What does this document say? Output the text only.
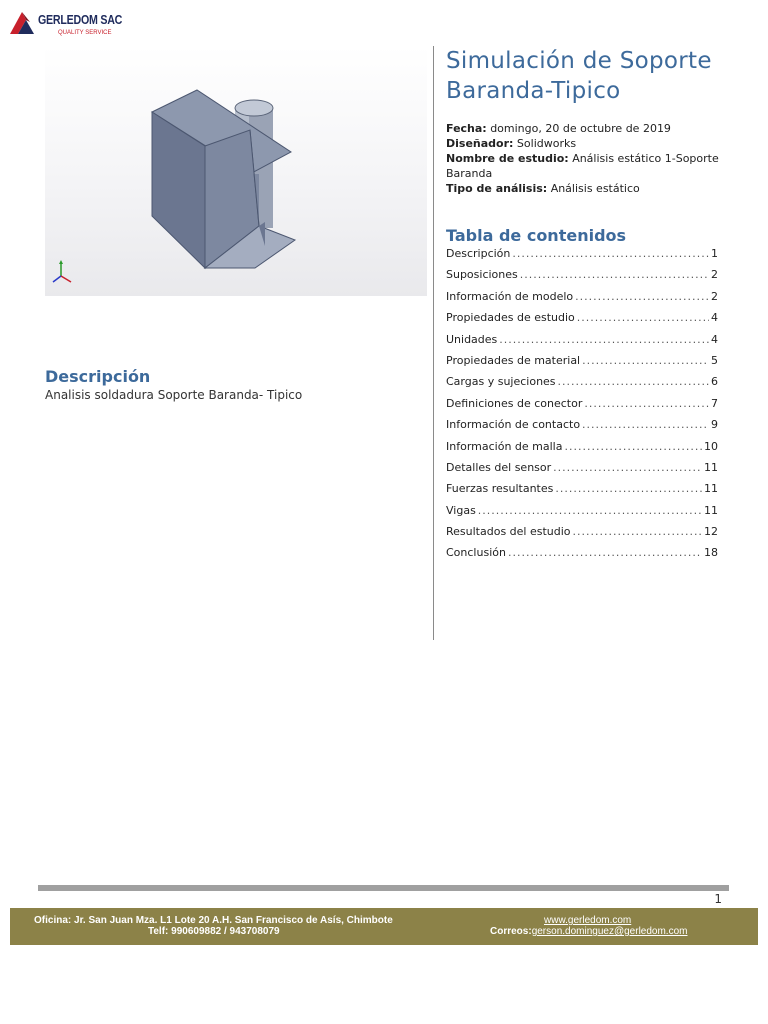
GERLEDOM SAC
QUALITY SERVICE
Simulación de Soporte
Baranda-Tipico
Fecha: domingo, 20 de octubre de 2019
Diseñador: Solidworks
Nombre de estudio: Análisis estático 1-Soporte Baranda
Tipo de análisis: Análisis estático
Tabla de contenidos
Descripción .....	1
Suposiciones .....	2
Información de modelo .....	2
Propiedades de estudio .....	4
Unidades .....	4
Propiedades de material .....	5
Cargas y sujeciones .....	6
Definiciones de conector .....	7
Información de contacto .....	9
Información de malla .....	10
Detalles del sensor .....	11
Fuerzas resultantes .....	11
Vigas .....	11
Resultados del estudio .....	12
Conclusión .....	18
Descripción
Analisis soldadura Soporte Baranda- Tipico
1
Oficina: Jr. San Juan Mza. L1 Lote 20 A.H. San Francisco de Asís, Chimbote
Telf: 990609882 / 943708079
www.gerledom.com
Correos:gerson.dominguez@gerledom.com
